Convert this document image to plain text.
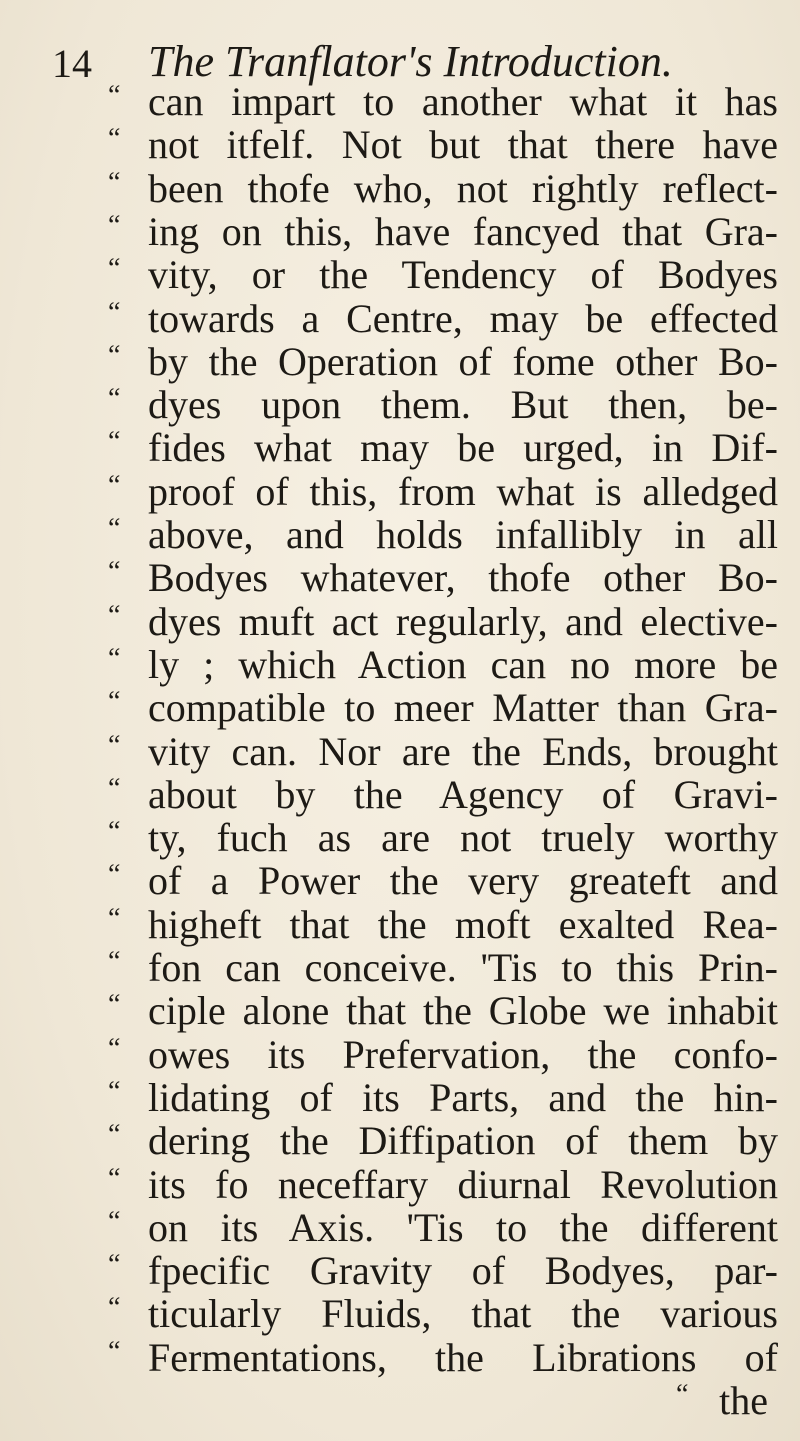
14 The Tranflator's Introduction.
“ can impart to another what it has
“ not itfelf. Not but that there have
“ been thofe who, not rightly reflect-
“ ing on this, have fancyed that Gra-
“ vity, or the Tendency of Bodyes
“ towards a Centre, may be effected
“ by the Operation of fome other Bo-
“ dyes upon them. But then, be-
“ fides what may be urged, in Dif-
“ proof of this, from what is alledged
“ above, and holds infallibly in all
“ Bodyes whatever, thofe other Bo-
“ dyes muft act regularly, and elective-
“ ly ; which Action can no more be
“ compatible to meer Matter than Gra-
“ vity can. Nor are the Ends, brought
“ about by the Agency of Gravi-
“ ty, fuch as are not truely worthy
“ of a Power the very greateft and
“ higheft that the moft exalted Rea-
“ fon can conceive. 'Tis to this Prin-
“ ciple alone that the Globe we inhabit
“ owes its Prefervation, the confo-
“ lidating of its Parts, and the hin-
“ dering the Diffipation of them by
“ its fo neceffary diurnal Revolution
“ on its Axis. 'Tis to the different
“ fpecific Gravity of Bodyes, par-
“ ticularly Fluids, that the various
“ Fermentations, the Librations of
“ the
